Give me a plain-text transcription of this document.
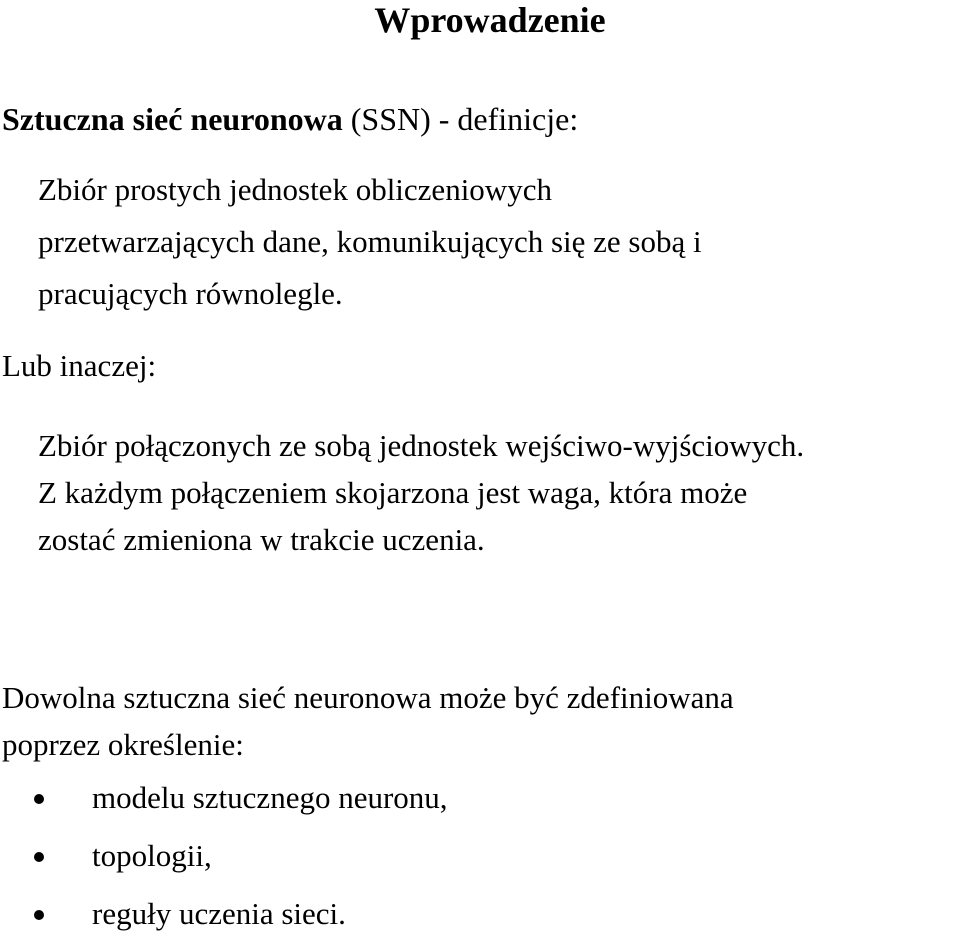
Wprowadzenie
Sztuczna sieć neuronowa (SSN) - definicje:
Zbiór prostych jednostek obliczeniowych
przetwarzających dane, komunikujących się ze sobą i
pracujących równolegle.
Lub inaczej:
Zbiór połączonych ze sobą jednostek wejściwo-wyjściowych.
Z każdym połączeniem skojarzona jest waga, która może
zostać zmieniona w trakcie uczenia.
Dowolna sztuczna sieć neuronowa może być zdefiniowana
poprzez określenie:
modelu sztucznego neuronu,
topologii,
reguły uczenia sieci.
